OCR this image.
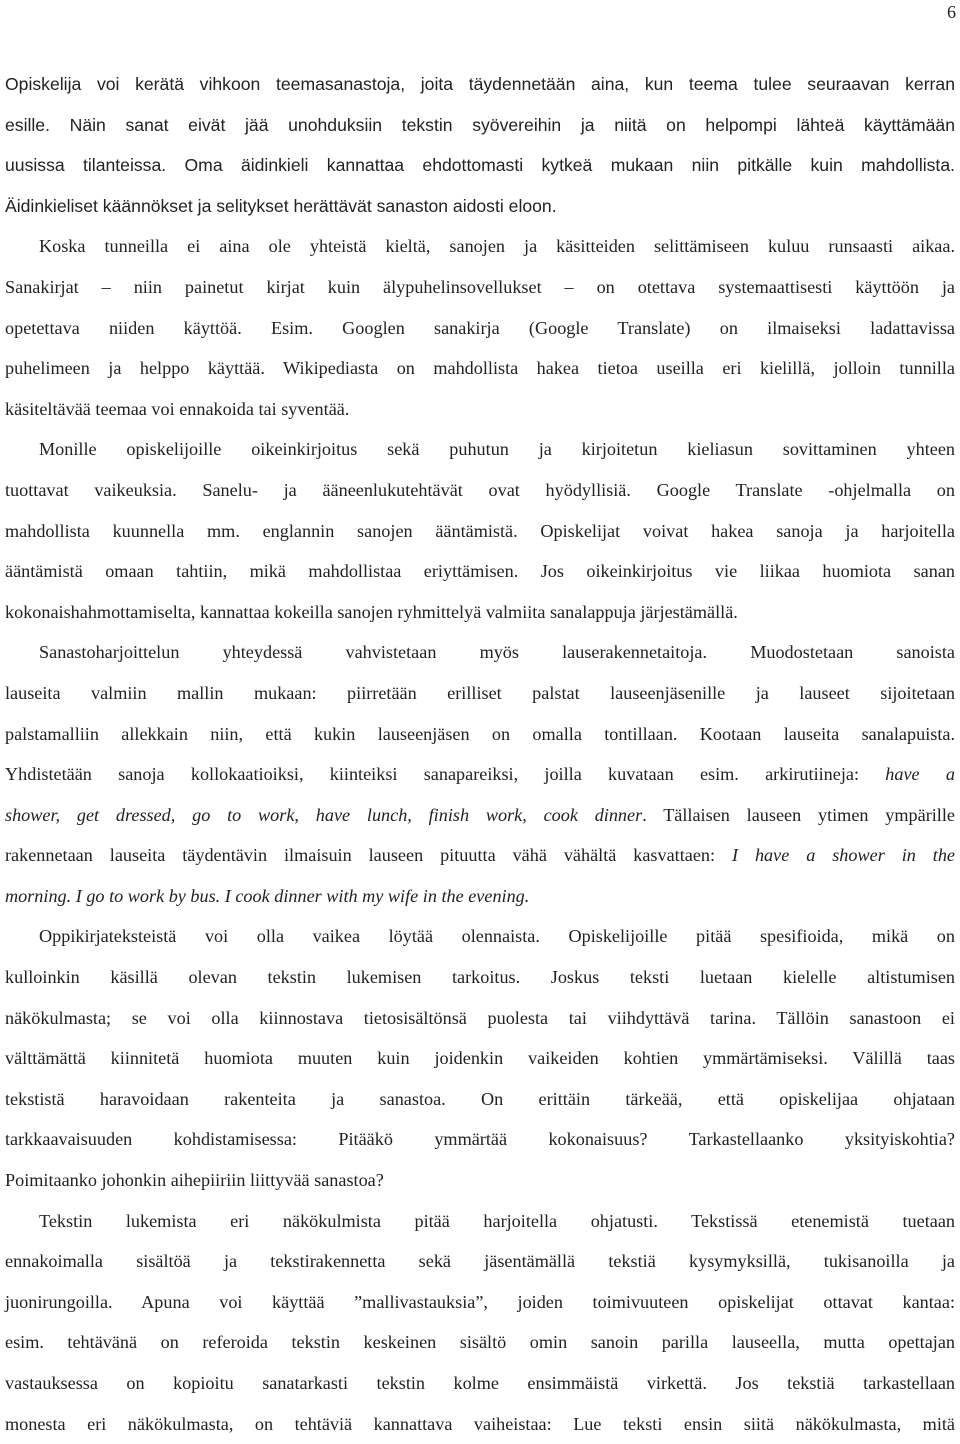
6

Opiskelija voi kerätä vihkoon teemasanastoja, joita täydennetään aina, kun teema tulee seuraavan kerran

esille. Näin sanat eivät jää unohduksiin tekstin syövereihin ja niitä on helpompi lähteä käyttämään

uusissa tilanteissa. Oma äidinkieli kannattaa ehdottomasti kytkeä mukaan niin pitkälle kuin mahdollista.

Äidinkieliset käännökset ja selitykset herättävät sanaston aidosti eloon.

Koska tunneilla ei aina ole yhteistä kieltä, sanojen ja käsitteiden selittämiseen kuluu runsaasti aikaa.

Sanakirjat – niin painetut kirjat kuin älypuhelinsovellukset – on otettava systemaattisesti käyttöön ja

opetettava niiden käyttöä. Esim. Googlen sanakirja (Google Translate) on ilmaiseksi ladattavissa

puhelimeen ja helppo käyttää. Wikipediasta on mahdollista hakea tietoa useilla eri kielillä, jolloin tunnilla

käsiteltävää teemaa voi ennakoida tai syventää.

Monille opiskelijoille oikeinkirjoitus sekä puhutun ja kirjoitetun kieliasun sovittaminen yhteen

tuottavat vaikeuksia. Sanelu- ja ääneenlukutehtävät ovat hyödyllisiä. Google Translate -ohjelmalla on

mahdollista kuunnella mm. englannin sanojen ääntämistä. Opiskelijat voivat hakea sanoja ja harjoitella

ääntämistä omaan tahtiin, mikä mahdollistaa eriyttämisen. Jos oikeinkirjoitus vie liikaa huomiota sanan

kokonaishahmottamiselta, kannattaa kokeilla sanojen ryhmittelyä valmiita sanalappuja järjestämällä.

Sanastoharjoittelun yhteydessä vahvistetaan myös lauserakennetaitoja. Muodostetaan sanoista

lauseita valmiin mallin mukaan: piirretään erilliset palstat lauseenjäsenille ja lauseet sijoitetaan

palstamalliin allekkain niin, että kukin lauseenjäsen on omalla tontillaan. Kootaan lauseita sanalapuista.

Yhdistetään sanoja kollokaatioiksi, kiinteiksi sanapareiksi, joilla kuvataan esim. arkirutiineja: have a

shower, get dressed, go to work, have lunch, finish work, cook dinner. Tällaisen lauseen ytimen ympärille

rakennetaan lauseita täydentävin ilmaisuin lauseen pituutta vähä vähältä kasvattaen: I have a shower in the

morning. I go to work by bus. I cook dinner with my wife in the evening.

Oppikirjateksteistä voi olla vaikea löytää olennaista. Opiskelijoille pitää spesifioida, mikä on

kulloinkin käsillä olevan tekstin lukemisen tarkoitus. Joskus teksti luetaan kielelle altistumisen

näkökulmasta; se voi olla kiinnostava tietosisältönsä puolesta tai viihdyttävä tarina. Tällöin sanastoon ei

välttämättä kiinnitetä huomiota muuten kuin joidenkin vaikeiden kohtien ymmärtämiseksi. Välillä taas

tekstistä haravoidaan rakenteita ja sanastoa. On erittäin tärkeää, että opiskelijaa ohjataan

tarkkaavaisuuden kohdistamisessa: Pitääkö ymmärtää kokonaisuus? Tarkastellaanko yksityiskohtia?

Poimitaanko johonkin aihepiiriin liittyvää sanastoa?

Tekstin lukemista eri näkökulmista pitää harjoitella ohjatusti. Tekstissä etenemistä tuetaan

ennakoimalla sisältöä ja tekstirakennetta sekä jäsentämällä tekstiä kysymyksillä, tukisanoilla ja

juonirungoilla. Apuna voi käyttää ”mallivastauksia”, joiden toimivuuteen opiskelijat ottavat kantaa:

esim. tehtävänä on referoida tekstin keskeinen sisältö omin sanoin parilla lauseella, mutta opettajan

vastauksessa on kopioitu sanatarkasti tekstin kolme ensimmäistä virkettä. Jos tekstiä tarkastellaan

monesta eri näkökulmasta, on tehtäviä kannattava vaiheistaa: Lue teksti ensin siitä näkökulmasta, mitä
